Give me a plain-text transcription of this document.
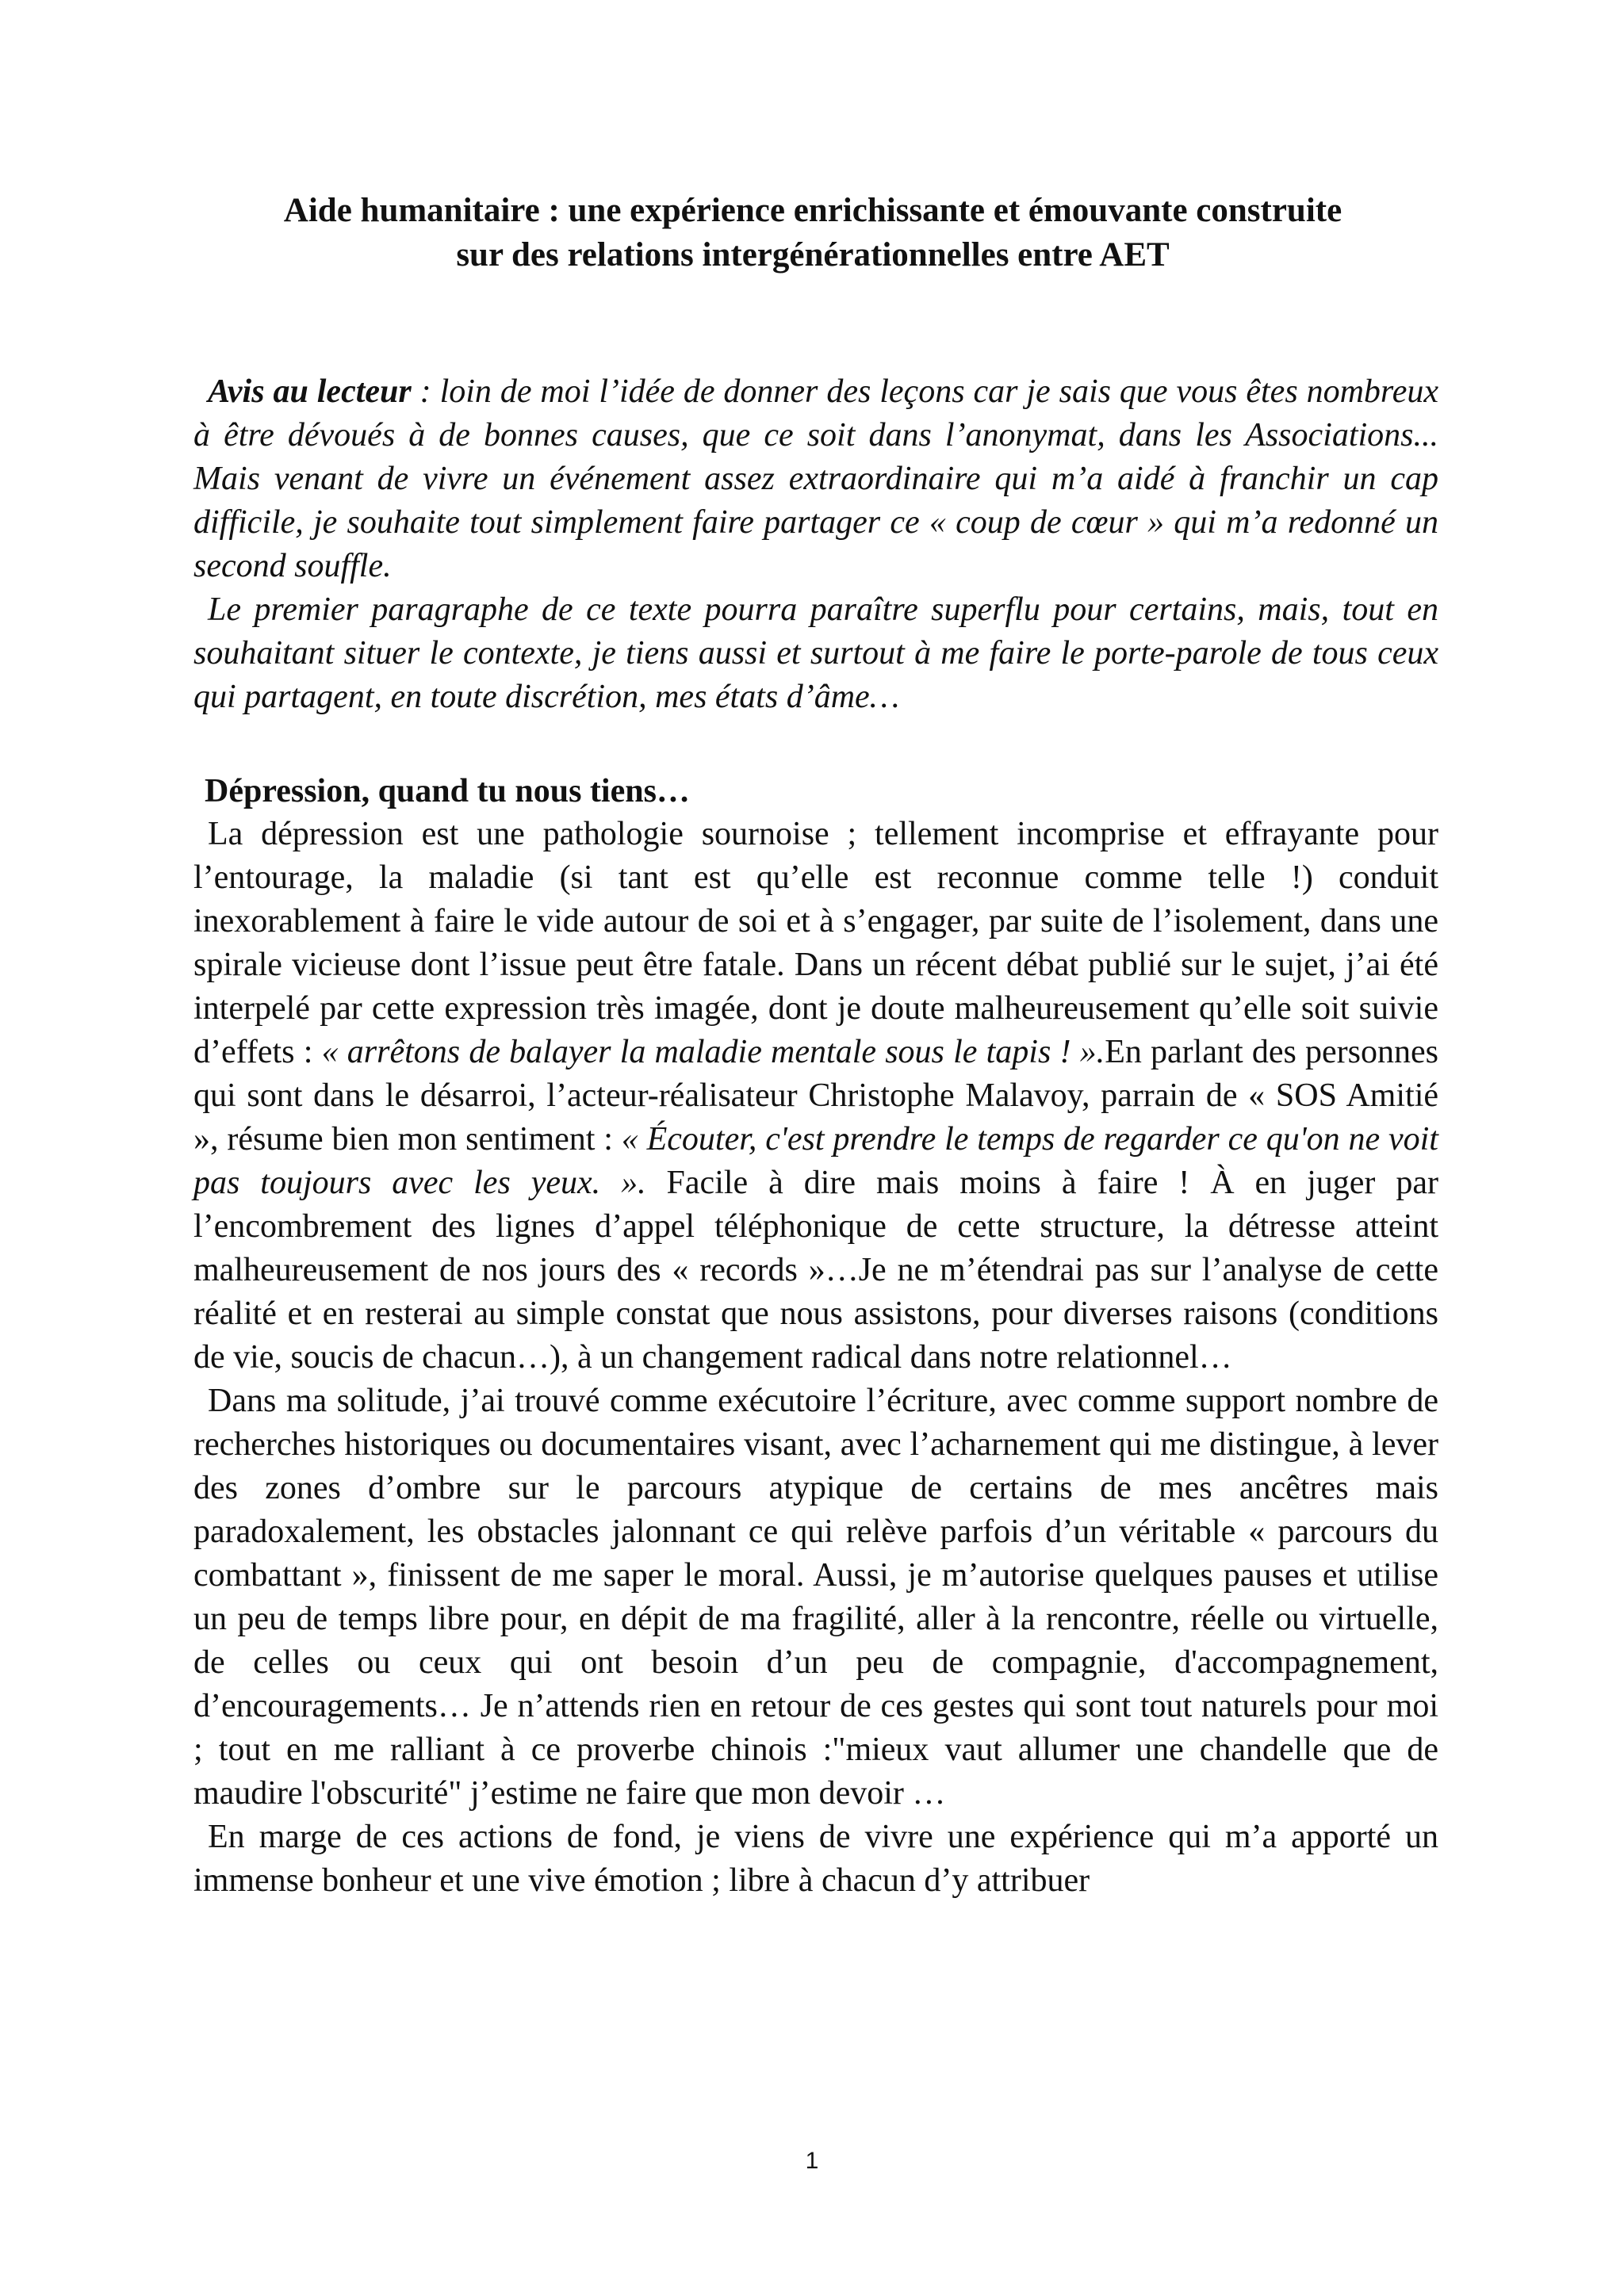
Aide humanitaire : une expérience enrichissante et émouvante construite
sur des relations intergénérationnelles entre AET

Avis au lecteur : loin de moi l’idée de donner des leçons car je sais que vous êtes nombreux à être dévoués à de bonnes causes, que ce soit dans l’anonymat, dans les Associations... Mais venant de vivre un événement assez extraordinaire qui m’a aidé à franchir un cap difficile, je souhaite tout simplement faire partager ce « coup de cœur » qui m’a redonné un second souffle.

Le premier paragraphe de ce texte pourra paraître superflu pour certains, mais, tout en souhaitant situer le contexte, je tiens aussi et surtout à me faire le porte-parole de tous ceux qui partagent, en toute discrétion, mes états d’âme…

Dépression, quand tu nous tiens…

La dépression est une pathologie sournoise ; tellement incomprise et effrayante pour l’entourage, la maladie (si tant est qu’elle est reconnue comme telle !) conduit inexorablement à faire le vide autour de soi et à s’engager, par suite de l’isolement, dans une spirale vicieuse dont l’issue peut être fatale. Dans un récent débat publié sur le sujet, j’ai été interpelé par cette expression très imagée, dont je doute malheureusement qu’elle soit suivie d’effets : « arrêtons de balayer la maladie mentale sous le tapis ! ».En parlant des personnes qui sont dans le désarroi, l’acteur-réalisateur Christophe Malavoy, parrain de « SOS Amitié », résume bien mon sentiment : « Écouter, c'est prendre le temps de regarder ce qu'on ne voit pas toujours avec les yeux. ». Facile à dire mais moins à faire ! À en juger par l’encombrement des lignes d’appel téléphonique de cette structure, la détresse atteint malheureusement de nos jours des « records »…Je ne m’étendrai pas sur l’analyse de cette réalité et en resterai au simple constat que nous assistons, pour diverses raisons (conditions de vie, soucis de chacun…), à un changement radical dans notre relationnel…

Dans ma solitude, j’ai trouvé comme exécutoire l’écriture, avec comme support nombre de recherches historiques ou documentaires visant, avec l’acharnement qui me distingue, à lever des zones d’ombre sur le parcours atypique de certains de mes ancêtres mais paradoxalement, les obstacles jalonnant ce qui relève parfois d’un véritable « parcours du combattant », finissent de me saper le moral. Aussi, je m’autorise quelques pauses et utilise un peu de temps libre pour, en dépit de ma fragilité, aller à la rencontre, réelle ou virtuelle, de celles ou ceux qui ont besoin d’un peu de compagnie, d'accompagnement, d’encouragements… Je n’attends rien en retour de ces gestes qui sont tout naturels pour moi ; tout en me ralliant à ce proverbe chinois :"mieux vaut allumer une chandelle que de maudire l'obscurité" j’estime ne faire que mon devoir …

En marge de ces actions de fond, je viens de vivre une expérience qui m’a apporté un immense bonheur et une vive émotion ; libre à chacun d’y attribuer

1
